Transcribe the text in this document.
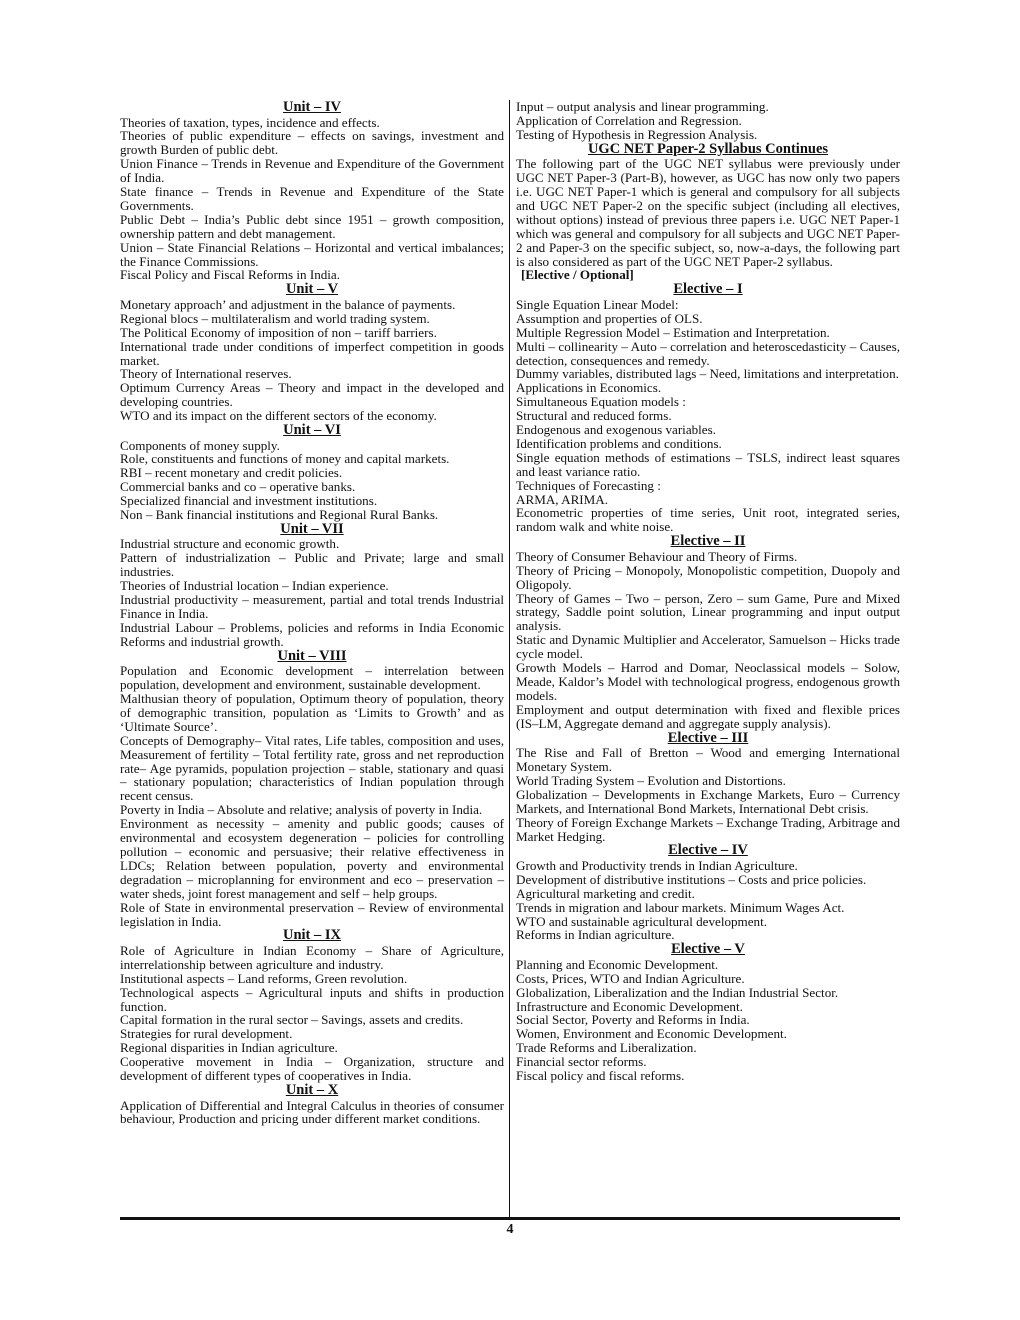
Unit – IV

Theories of taxation, types, incidence and effects.

Theories of public expenditure – effects on savings, investment and growth Burden of public debt.

Union Finance – Trends in Revenue and Expenditure of the Government of India.

State finance – Trends in Revenue and Expenditure of the State Governments.

Public Debt – India’s Public debt since 1951 – growth composition, ownership pattern and debt management.

Union – State Financial Relations – Horizontal and vertical imbalances; the Finance Commissions.

Fiscal Policy and Fiscal Reforms in India.

Unit – V

Monetary approach’ and adjustment in the balance of payments.

Regional blocs – multilateralism and world trading system.

The Political Economy of imposition of non – tariff barriers.

International trade under conditions of imperfect competition in goods market.

Theory of International reserves.

Optimum Currency Areas – Theory and impact in the developed and developing countries.

WTO and its impact on the different sectors of the economy.

Unit – VI

Components of money supply.

Role, constituents and functions of money and capital markets.

RBI – recent monetary and credit policies.

Commercial banks and co – operative banks.

Specialized financial and investment institutions.

Non – Bank financial institutions and Regional Rural Banks.

Unit – VII

Industrial structure and economic growth.

Pattern of industrialization – Public and Private; large and small industries.

Theories of Industrial location – Indian experience.

Industrial productivity – measurement, partial and total trends Industrial Finance in India.

Industrial Labour – Problems, policies and reforms in India Economic Reforms and industrial growth.

Unit – VIII

Population and Economic development – interrelation between population, development and environment, sustainable development.

Malthusian theory of population, Optimum theory of population, theory of demographic transition, population as ‘Limits to Growth’ and as ‘Ultimate Source’.

Concepts of Demography– Vital rates, Life tables, composition and uses, Measurement of fertility – Total fertility rate, gross and net reproduction rate– Age pyramids, population projection – stable, stationary and quasi – stationary population; characteristics of Indian population through recent census.

Poverty in India – Absolute and relative; analysis of poverty in India.

Environment as necessity – amenity and public goods; causes of environmental and ecosystem degeneration – policies for controlling pollution – economic and persuasive; their relative effectiveness in LDCs; Relation between population, poverty and environmental degradation – microplanning for environment and eco – preservation – water sheds, joint forest management and self – help groups.

Role of State in environmental preservation – Review of environmental legislation in India.

Unit – IX

Role of Agriculture in Indian Economy – Share of Agriculture, interrelationship between agriculture and industry.

Institutional aspects – Land reforms, Green revolution.

Technological aspects – Agricultural inputs and shifts in production function.

Capital formation in the rural sector – Savings, assets and credits.

Strategies for rural development.

Regional disparities in Indian agriculture.

Cooperative movement in India – Organization, structure and development of different types of cooperatives in India.

Unit – X

Application of Differential and Integral Calculus in theories of consumer behaviour, Production and pricing under different market conditions.

Input – output analysis and linear programming.

Application of Correlation and Regression.

Testing of Hypothesis in Regression Analysis.

UGC NET Paper-2 Syllabus Continues

The following part of the UGC NET syllabus were previously under UGC NET Paper-3 (Part-B), however, as UGC has now only two papers i.e. UGC NET Paper-1 which is general and compulsory for all subjects and UGC NET Paper-2 on the specific subject (including all electives, without options) instead of previous three papers i.e. UGC NET Paper-1 which was general and compulsory for all subjects and UGC NET Paper-2 and Paper-3 on the specific subject, so, now-a-days, the following part is also considered as part of the UGC NET Paper-2 syllabus.

[Elective / Optional]

Elective – I

Single Equation Linear Model:

Assumption and properties of OLS.

Multiple Regression Model – Estimation and Interpretation.

Multi – collinearity – Auto – correlation and heteroscedasticity – Causes, detection, consequences and remedy.

Dummy variables, distributed lags – Need, limitations and interpretation.

Applications in Economics.

Simultaneous Equation models :

Structural and reduced forms.

Endogenous and exogenous variables.

Identification problems and conditions.

Single equation methods of estimations – TSLS, indirect least squares and least variance ratio.

Techniques of Forecasting :

ARMA, ARIMA.

Econometric properties of time series, Unit root, integrated series, random walk and white noise.

Elective – II

Theory of Consumer Behaviour and Theory of Firms.

Theory of Pricing – Monopoly, Monopolistic competition, Duopoly and Oligopoly.

Theory of Games – Two – person, Zero – sum Game, Pure and Mixed strategy, Saddle point solution, Linear programming and input output analysis.

Static and Dynamic Multiplier and Accelerator, Samuelson – Hicks trade cycle model.

Growth Models – Harrod and Domar, Neoclassical models – Solow, Meade, Kaldor’s Model with technological progress, endogenous growth models.

Employment and output determination with fixed and flexible prices (IS–LM, Aggregate demand and aggregate supply analysis).

Elective – III

The Rise and Fall of Bretton – Wood and emerging International Monetary System.

World Trading System – Evolution and Distortions.

Globalization – Developments in Exchange Markets, Euro – Currency Markets, and International Bond Markets, International Debt crisis.

Theory of Foreign Exchange Markets – Exchange Trading, Arbitrage and Market Hedging.

Elective – IV

Growth and Productivity trends in Indian Agriculture.

Development of distributive institutions – Costs and price policies.

Agricultural marketing and credit.

Trends in migration and labour markets. Minimum Wages Act.

WTO and sustainable agricultural development.

Reforms in Indian agriculture.

Elective – V

Planning and Economic Development.

Costs, Prices, WTO and Indian Agriculture.

Globalization, Liberalization and the Indian Industrial Sector.

Infrastructure and Economic Development.

Social Sector, Poverty and Reforms in India.

Women, Environment and Economic Development.

Trade Reforms and Liberalization.

Financial sector reforms.

Fiscal policy and fiscal reforms.

4
